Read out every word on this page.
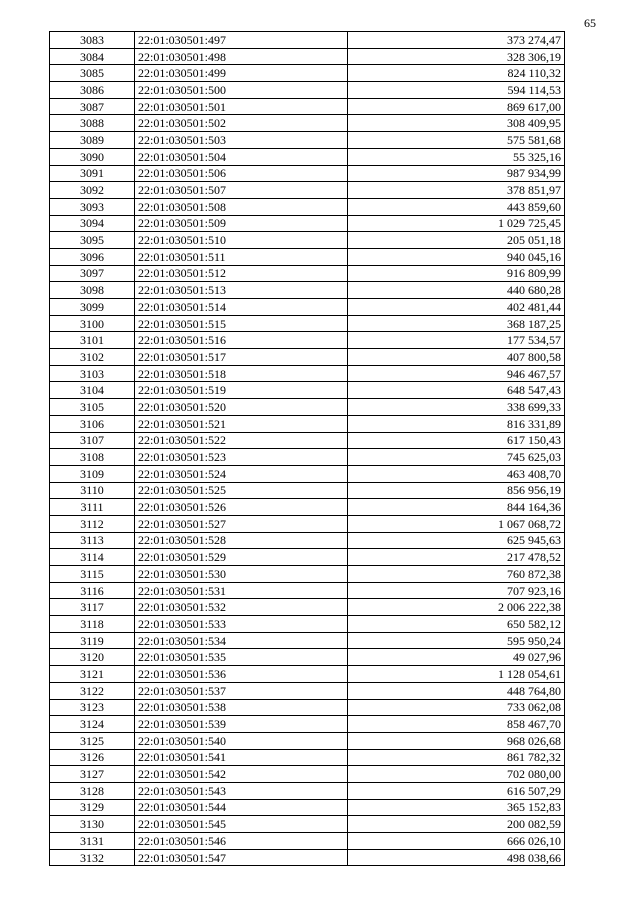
65
3083	22:01:030501:497	373 274,47
3084	22:01:030501:498	328 306,19
3085	22:01:030501:499	824 110,32
3086	22:01:030501:500	594 114,53
3087	22:01:030501:501	869 617,00
3088	22:01:030501:502	308 409,95
3089	22:01:030501:503	575 581,68
3090	22:01:030501:504	55 325,16
3091	22:01:030501:506	987 934,99
3092	22:01:030501:507	378 851,97
3093	22:01:030501:508	443 859,60
3094	22:01:030501:509	1 029 725,45
3095	22:01:030501:510	205 051,18
3096	22:01:030501:511	940 045,16
3097	22:01:030501:512	916 809,99
3098	22:01:030501:513	440 680,28
3099	22:01:030501:514	402 481,44
3100	22:01:030501:515	368 187,25
3101	22:01:030501:516	177 534,57
3102	22:01:030501:517	407 800,58
3103	22:01:030501:518	946 467,57
3104	22:01:030501:519	648 547,43
3105	22:01:030501:520	338 699,33
3106	22:01:030501:521	816 331,89
3107	22:01:030501:522	617 150,43
3108	22:01:030501:523	745 625,03
3109	22:01:030501:524	463 408,70
3110	22:01:030501:525	856 956,19
3111	22:01:030501:526	844 164,36
3112	22:01:030501:527	1 067 068,72
3113	22:01:030501:528	625 945,63
3114	22:01:030501:529	217 478,52
3115	22:01:030501:530	760 872,38
3116	22:01:030501:531	707 923,16
3117	22:01:030501:532	2 006 222,38
3118	22:01:030501:533	650 582,12
3119	22:01:030501:534	595 950,24
3120	22:01:030501:535	49 027,96
3121	22:01:030501:536	1 128 054,61
3122	22:01:030501:537	448 764,80
3123	22:01:030501:538	733 062,08
3124	22:01:030501:539	858 467,70
3125	22:01:030501:540	968 026,68
3126	22:01:030501:541	861 782,32
3127	22:01:030501:542	702 080,00
3128	22:01:030501:543	616 507,29
3129	22:01:030501:544	365 152,83
3130	22:01:030501:545	200 082,59
3131	22:01:030501:546	666 026,10
3132	22:01:030501:547	498 038,66
